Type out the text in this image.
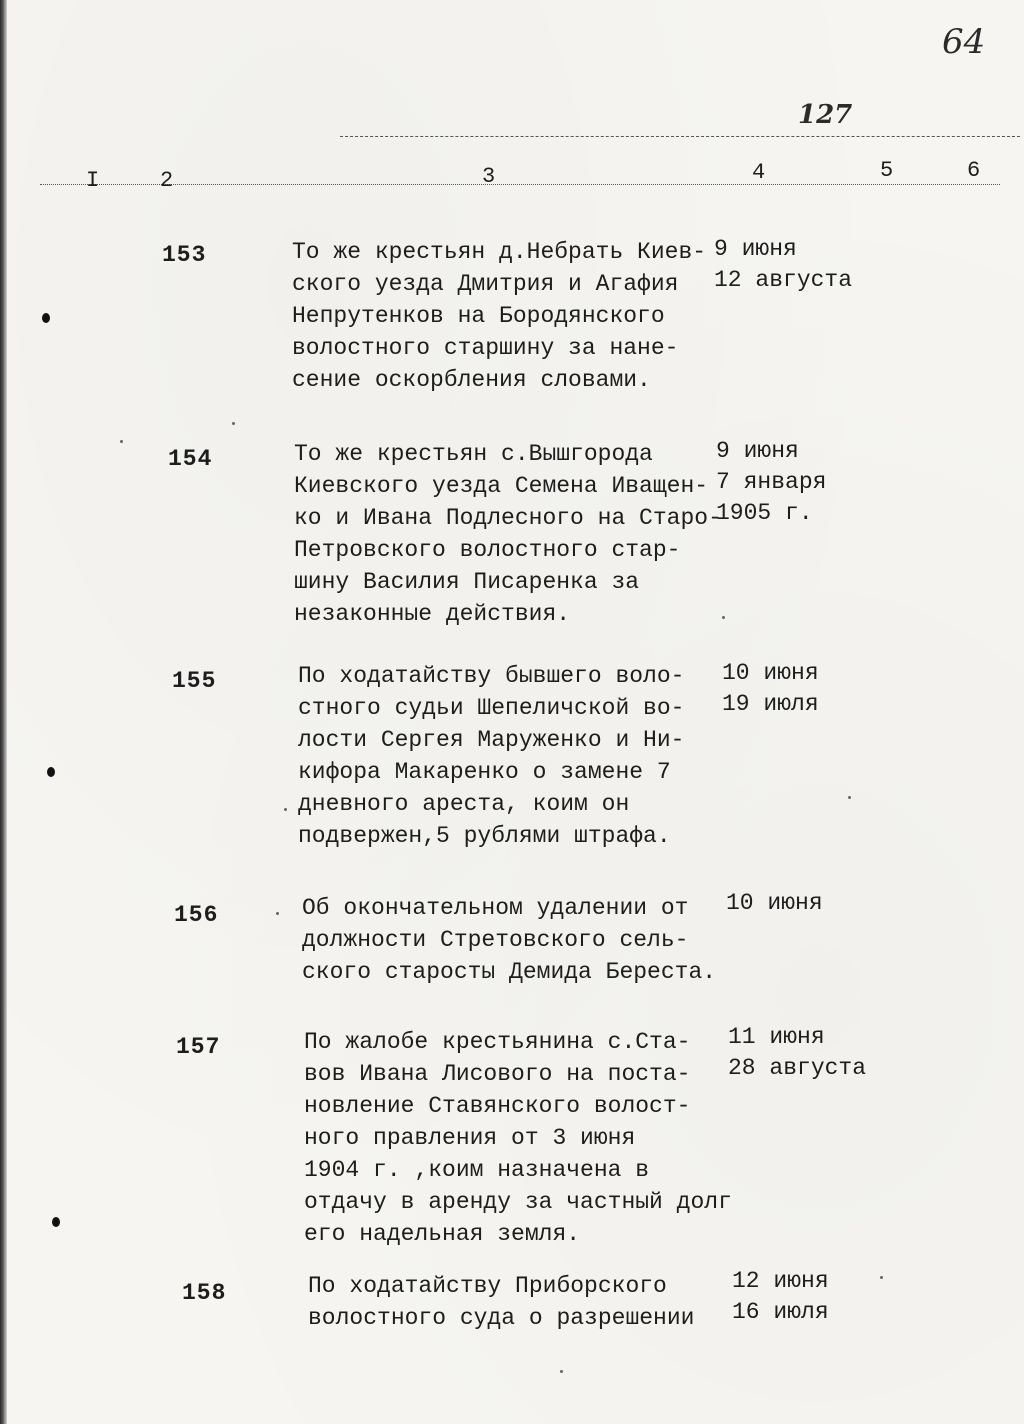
64
127
I	2	3	4	5	6
153	То же крестьян д.Небрать Киев-
ского уезда Дмитрия и Агафия
Непрутенков на Бородянского
волостного старшину за нане-
сение оскорбления словами.
9 июня
12 августа
154	То же крестьян с.Вышгорода
Киевского уезда Семена Иващен-
ко и Ивана Подлесного на Старо-
Петровского волостного стар-
шину Василия Писаренка за
незаконные действия.
9 июня
7 января
1905 г.
155	По ходатайству бывшего воло-
стного судьи Шепеличской во-
лости Сергея Маруженко и Ни-
кифора Макаренко о замене 7
дневного ареста, коим он
подвержен,5 рублями штрафа.
10 июня
19 июля
156	Об окончательном удалении от
должности Стретовского сель-
ского старосты Демида Береста.
10 июня
157	По жалобе крестьянина с.Ста-
вов Ивана Лисового на поста-
новление Ставянского волост-
ного правления от 3 июня
1904 г. ,коим назначена в
отдачу в аренду за частный долг
его надельная земля.
11 июня
28 августа
158	По ходатайству Приборского
волостного суда о разрешении
12 июня
16 июля
